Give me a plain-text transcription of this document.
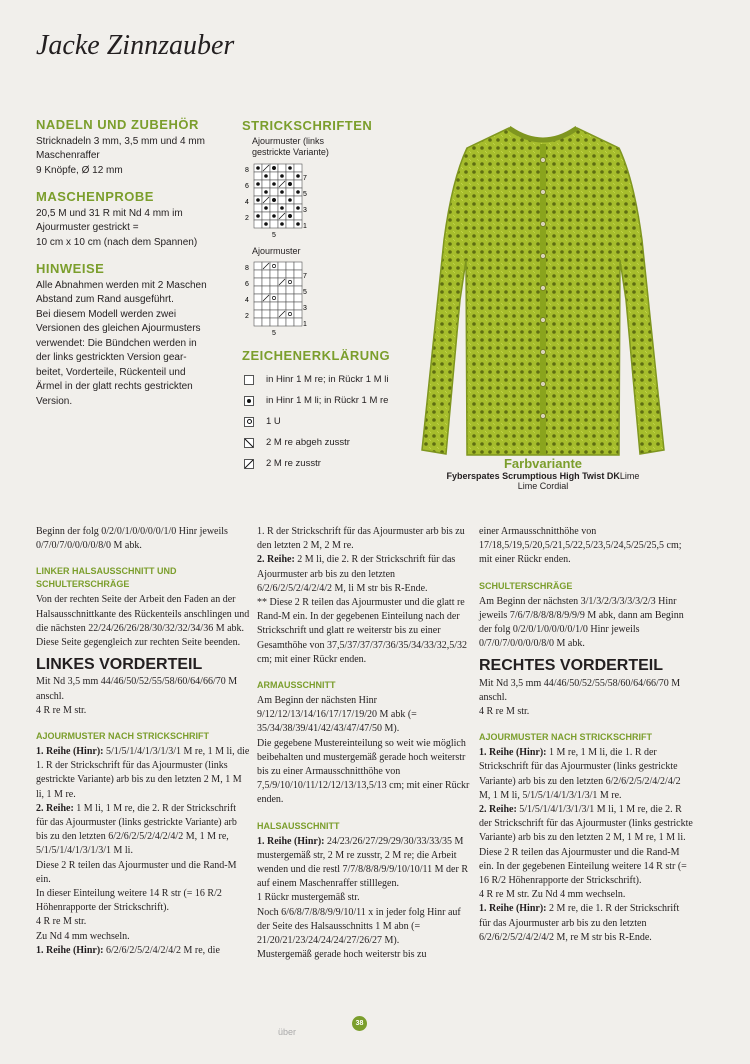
Jacke Zinnzauber
NADELN UND ZUBEHÖR

Stricknadeln 3 mm, 3,5 mm und 4 mm
Maschenraffer
9 Knöpfe, Ø 12 mm

MASCHENPROBE

20,5 M und 31 R mit Nd 4 mm im
Ajourmuster gestrickt =
10 cm x 10 cm (nach dem Spannen)

HINWEISE

Alle Abnahmen werden mit 2 Maschen
Abstand zum Rand ausgeführt.
Bei diesem Modell werden zwei
Versionen des gleichen Ajourmusters
verwendet: Die Bündchen werden in
der links gestrickten Version gear-
beitet, Vorderteile, Rückenteil und
Ärmel in der glatt rechts gestrickten
Version.

STRICKSCHRIFTEN
Ajourmuster (links
gestrickte Variante)
8
6
4
2
7
5
3
1
5
Ajourmuster
8
6
4
2
7
5
3
1
5
ZEICHENERKLÄRUNG
in Hinr 1 M re; in Rückr 1 M li
in Hinr 1 M li; in Rückr 1 M re
1 U
2 M re abgeh zusstr
2 M re zusstr	Farbvariante
Fyberspates Scrumptious High Twist DKLime
Lime Cordial

Beginn der folg 0/2/0/1/0/0/0/0/1/0 Hinr jeweils 0/7/0/7/0/0/0/0/8/0 M abk.

LINKER HALSAUSSCHNITT UND SCHULTERSCHRÄGE

Von der rechten Seite der Arbeit den Faden an der Halsausschnittkante des Rückenteils anschlingen und die nächsten 22/24/26/26/28/30/32/32/34/36 M abk.

Diese Seite gegengleich zur rechten Seite beenden.

LINKES VORDERTEIL

Mit Nd 3,5 mm 44/46/50/52/55/58/60/64/66/70 M anschl.

4 R re M str.

AJOURMUSTER NACH STRICKSCHRIFT

1. Reihe (Hinr): 5/1/5/1/4/1/3/1/3/1 M re, 1 M li, die 1. R der Strickschrift für das Ajourmuster (links gestrickte Variante) arb bis zu den letzten 2 M, 1 M li, 1 M re.

2. Reihe: 1 M li, 1 M re, die 2. R der Strickschrift für das Ajourmuster (links gestrickte Variante) arb bis zu den letzten 6/2/6/2/5/2/4/2/4/2 M, 1 M re, 5/1/5/1/4/1/3/1/3/1 M li.

Diese 2 R teilen das Ajourmuster und die Rand-M ein.

In dieser Einteilung weitere 14 R str (= 16 R/2 Höhenrapporte der Strickschrift).

4 R re M str.

Zu Nd 4 mm wechseln.

1. Reihe (Hinr): 6/2/6/2/5/2/4/2/4/2 M re, die

1. R der Strickschrift für das Ajourmuster arb bis zu den letzten 2 M, 2 M re.

2. Reihe: 2 M li, die 2. R der Strickschrift für das Ajourmuster arb bis zu den letzten 6/2/6/2/5/2/4/2/4/2 M, li M str bis R-Ende.

** Diese 2 R teilen das Ajourmuster und die glatt re Rand-M ein. In der gegebenen Einteilung nach der Strickschrift und glatt re weiterstr bis zu einer Gesamthöhe von 37,5/37/37/37/36/35/34/33/32,5/32 cm; mit einer Rückr enden.

ARMAUSSCHNITT

Am Beginn der nächsten Hinr 9/12/12/13/14/16/17/17/19/20 M abk (= 35/34/38/39/41/42/43/47/47/50 M).

Die gegebene Mustereinteilung so weit wie möglich beibehalten und mustergemäß gerade hoch weiterstr bis zu einer Armausschnitthöhe von 7,5/9/10/10/11/12/12/13/13,5/13 cm; mit einer Rückr enden.

HALSAUSSCHNITT

1. Reihe (Hinr): 24/23/26/27/29/29/30/33/33/35 M mustergemäß str, 2 M re zusstr, 2 M re; die Arbeit wenden und die restl 7/7/8/8/8/9/9/10/10/11 M der R auf einem Maschenraffer stilllegen.

1 Rückr mustergemäß str.

Noch 6/6/8/7/8/8/9/9/10/11 x in jeder folg Hinr auf der Seite des Halsausschnitts 1 M abn (= 21/20/21/23/24/24/24/27/26/27 M).

Mustergemäß gerade hoch weiterstr bis zu

einer Armausschnitthöhe von 17/18,5/19,5/20,5/21,5/22,5/23,5/24,5/25/25,5 cm; mit einer Rückr enden.

SCHULTERSCHRÄGE

Am Beginn der nächsten 3/1/3/2/3/3/3/3/2/3 Hinr jeweils 7/6/7/8/8/8/8/9/9/9 M abk, dann am Beginn der folg 0/2/0/1/0/0/0/0/1/0 Hinr jeweils 0/7/0/7/0/0/0/0/8/0 M abk.

RECHTES VORDERTEIL

Mit Nd 3,5 mm 44/46/50/52/55/58/60/64/66/70 M anschl.

4 R re M str.

AJOURMUSTER NACH STRICKSCHRIFT

1. Reihe (Hinr): 1 M re, 1 M li, die 1. R der Strickschrift für das Ajourmuster (links gestrickte Variante) arb bis zu den letzten 6/2/6/2/5/2/4/2/4/2 M, 1 M li, 5/1/5/1/4/1/3/1/3/1 M re.

2. Reihe: 5/1/5/1/4/1/3/1/3/1 M li, 1 M re, die 2. R der Strickschrift für das Ajourmuster (links gestrickte Variante) arb bis zu den letzten 2 M, 1 M re, 1 M li.

Diese 2 R teilen das Ajourmuster und die Rand-M ein. In der gegebenen Einteilung weitere 14 R str (= 16 R/2 Höhenrapporte der Strickschrift).

4 R re M str. Zu Nd 4 mm wechseln.

1. Reihe (Hinr): 2 M re, die 1. R der Strickschrift für das Ajourmuster arb bis zu den letzten 6/2/6/2/5/2/4/2/4/2 M, re M str bis R-Ende.

über
38
